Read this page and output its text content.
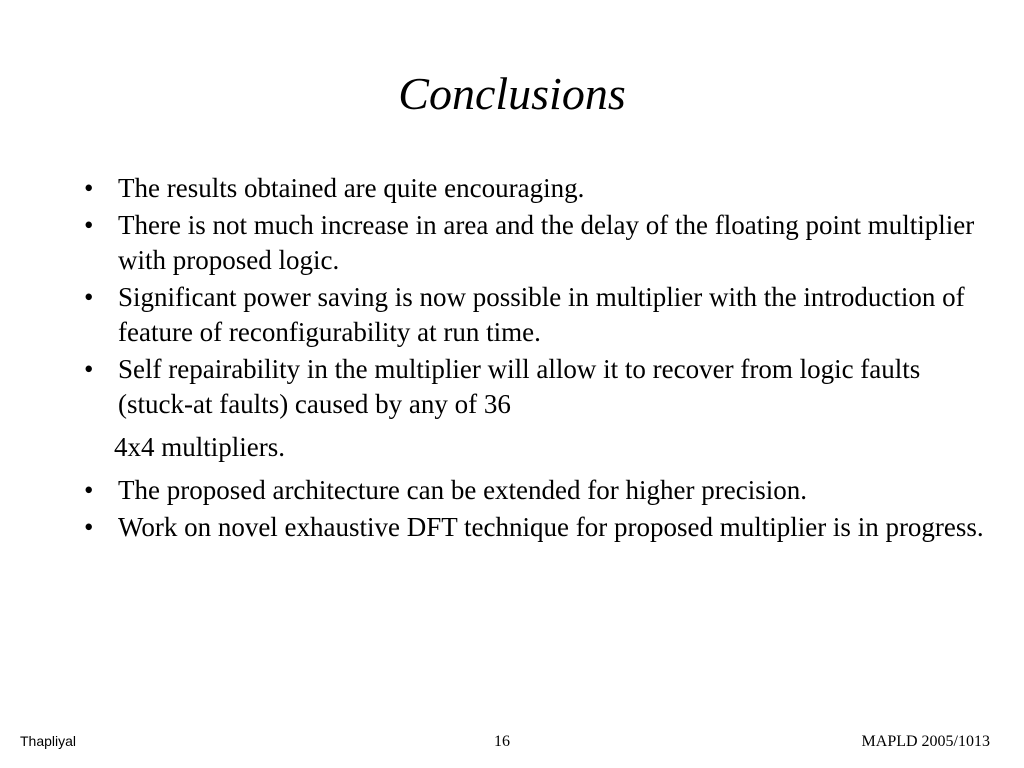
Conclusions
• The results obtained are quite encouraging.
• There is not much increase in area and the delay of the floating point multiplier with proposed logic.
• Significant power saving is now possible in multiplier with the introduction of feature of reconfigurability at run time.
• Self repairability in the multiplier will allow it to recover from logic faults (stuck-at faults) caused by any of 36
4x4 multipliers.
• The proposed architecture can be extended for higher precision.
• Work on novel exhaustive DFT technique for proposed multiplier is in progress.
Thapliyal	16	MAPLD 2005/1013
